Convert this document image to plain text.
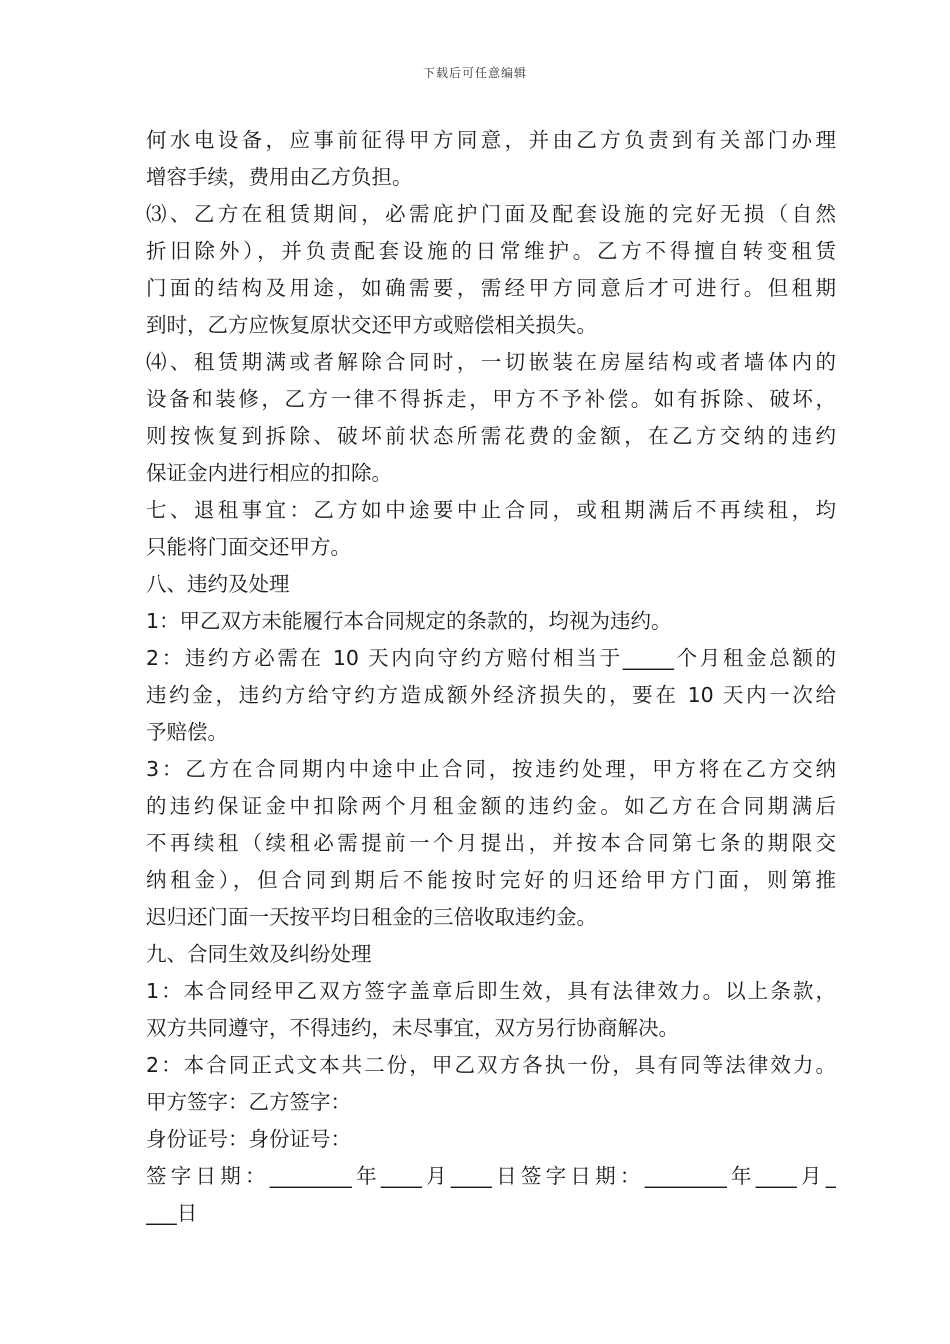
下载后可任意编辑
何水电设备，应事前征得甲方同意，并由乙方负责到有关部门办理
增容手续，费用由乙方负担。
⑶、乙方在租赁期间，必需庇护门面及配套设施的完好无损（自然
折旧除外），并负责配套设施的日常维护。乙方不得擅自转变租赁
门面的结构及用途，如确需要，需经甲方同意后才可进行。但租期
到时，乙方应恢复原状交还甲方或赔偿相关损失。
⑷、租赁期满或者解除合同时，一切嵌装在房屋结构或者墙体内的
设备和装修，乙方一律不得拆走，甲方不予补偿。如有拆除、破坏，
则按恢复到拆除、破坏前状态所需花费的金额，在乙方交纳的违约
保证金内进行相应的扣除。
七、退租事宜：乙方如中途要中止合同，或租期满后不再续租，均
只能将门面交还甲方。
八、违约及处理
1：甲乙双方未能履行本合同规定的条款的，均视为违约。
2：违约方必需在 10 天内向守约方赔付相当于_____个月租金总额的
违约金，违约方给守约方造成额外经济损失的，要在 10 天内一次给
予赔偿。
3：乙方在合同期内中途中止合同，按违约处理，甲方将在乙方交纳
的违约保证金中扣除两个月租金额的违约金。如乙方在合同期满后
不再续租（续租必需提前一个月提出，并按本合同第七条的期限交
纳租金），但合同到期后不能按时完好的归还给甲方门面，则第推
迟归还门面一天按平均日租金的三倍收取违约金。
九、合同生效及纠纷处理
1：本合同经甲乙双方签字盖章后即生效，具有法律效力。以上条款，
双方共同遵守，不得违约，未尽事宜，双方另行协商解决。
2：本合同正式文本共二份，甲乙双方各执一份，具有同等法律效力。
甲方签字：乙方签字：
身份证号：身份证号：
签字日期：________年____月____日签字日期：________年____月_
___日
